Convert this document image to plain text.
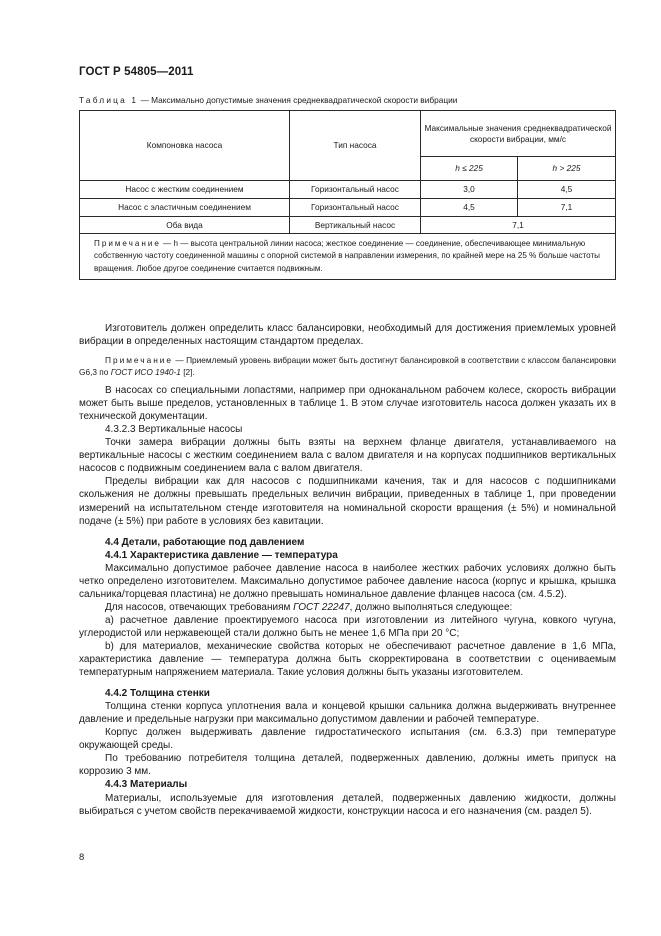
ГОСТ Р 54805—2011
Таблица 1 — Максимально допустимые значения среднеквадратической скорости вибрации
Компоновка насоса	Тип насоса	Максимальные значения среднеквадратической скорости вибрации, мм/с	
		h ≤ 225	h > 225
Насос с жестким соединением	Горизонтальный насос	3,0	4,5
Насос с эластичным соединением	Горизонтальный насос	4,5	7,1
Оба вида	Вертикальный насос	7,1	
Примечание — h — высота центральной линии насоса; жесткое соединение — соединение, обеспечивающее минимальную собственную частоту соединенной машины с опорной системой в направлении измерения, по крайней мере на 25 % больше частоты вращения. Любое другое соединение считается подвижным.			

Изготовитель должен определить класс балансировки, необходимый для достижения приемлемых уровней вибрации в определенных настоящим стандартом пределах.

Примечание — Приемлемый уровень вибрации может быть достигнут балансировкой в соответствии с классом балансировки G6,3 по ГОСТ ИСО 1940-1 [2].

В насосах со специальными лопастями, например при одноканальном рабочем колесе, скорость вибрации может быть выше пределов, установленных в таблице 1. В этом случае изготовитель насоса должен указать их в технической документации.

4.3.2.3 Вертикальные насосы

Точки замера вибрации должны быть взяты на верхнем фланце двигателя, устанавливаемого на вертикальные насосы с жестким соединением вала с валом двигателя и на корпусах подшипников вертикальных насосов с подвижным соединением вала с валом двигателя.

Пределы вибрации как для насосов с подшипниками качения, так и для насосов с подшипниками скольжения не должны превышать предельных величин вибрации, приведенных в таблице 1, при проведении измерений на испытательном стенде изготовителя на номинальной скорости вращения (± 5%) и номинальной подаче (± 5%) при работе в условиях без кавитации.

4.4 Детали, работающие под давлением

4.4.1 Характеристика давление — температура

Максимально допустимое рабочее давление насоса в наиболее жестких рабочих условиях должно быть четко определено изготовителем. Максимально допустимое рабочее давление насоса (корпус и крышка, крышка сальника/торцевая пластина) не должно превышать номинальное давление фланцев насоса (см. 4.5.2).

Для насосов, отвечающих требованиям ГОСТ 22247, должно выполняться следующее:

a) расчетное давление проектируемого насоса при изготовлении из литейного чугуна, ковкого чугуна, углеродистой или нержавеющей стали должно быть не менее 1,6 МПа при 20 °С;

b) для материалов, механические свойства которых не обеспечивают расчетное давление в 1,6 МПа, характеристика давление — температура должна быть скорректирована в соответствии с оцениваемым температурным напряжением материала. Такие условия должны быть указаны изготовителем.

4.4.2 Толщина стенки

Толщина стенки корпуса уплотнения вала и концевой крышки сальника должна выдерживать внутреннее давление и предельные нагрузки при максимально допустимом давлении и рабочей температуре.

Корпус должен выдерживать давление гидростатического испытания (см. 6.3.3) при температуре окружающей среды.

По требованию потребителя толщина деталей, подверженных давлению, должны иметь припуск на коррозию 3 мм.

4.4.3 Материалы

Материалы, используемые для изготовления деталей, подверженных давлению жидкости, должны выбираться с учетом свойств перекачиваемой жидкости, конструкции насоса и его назначения (см. раздел 5).

8
